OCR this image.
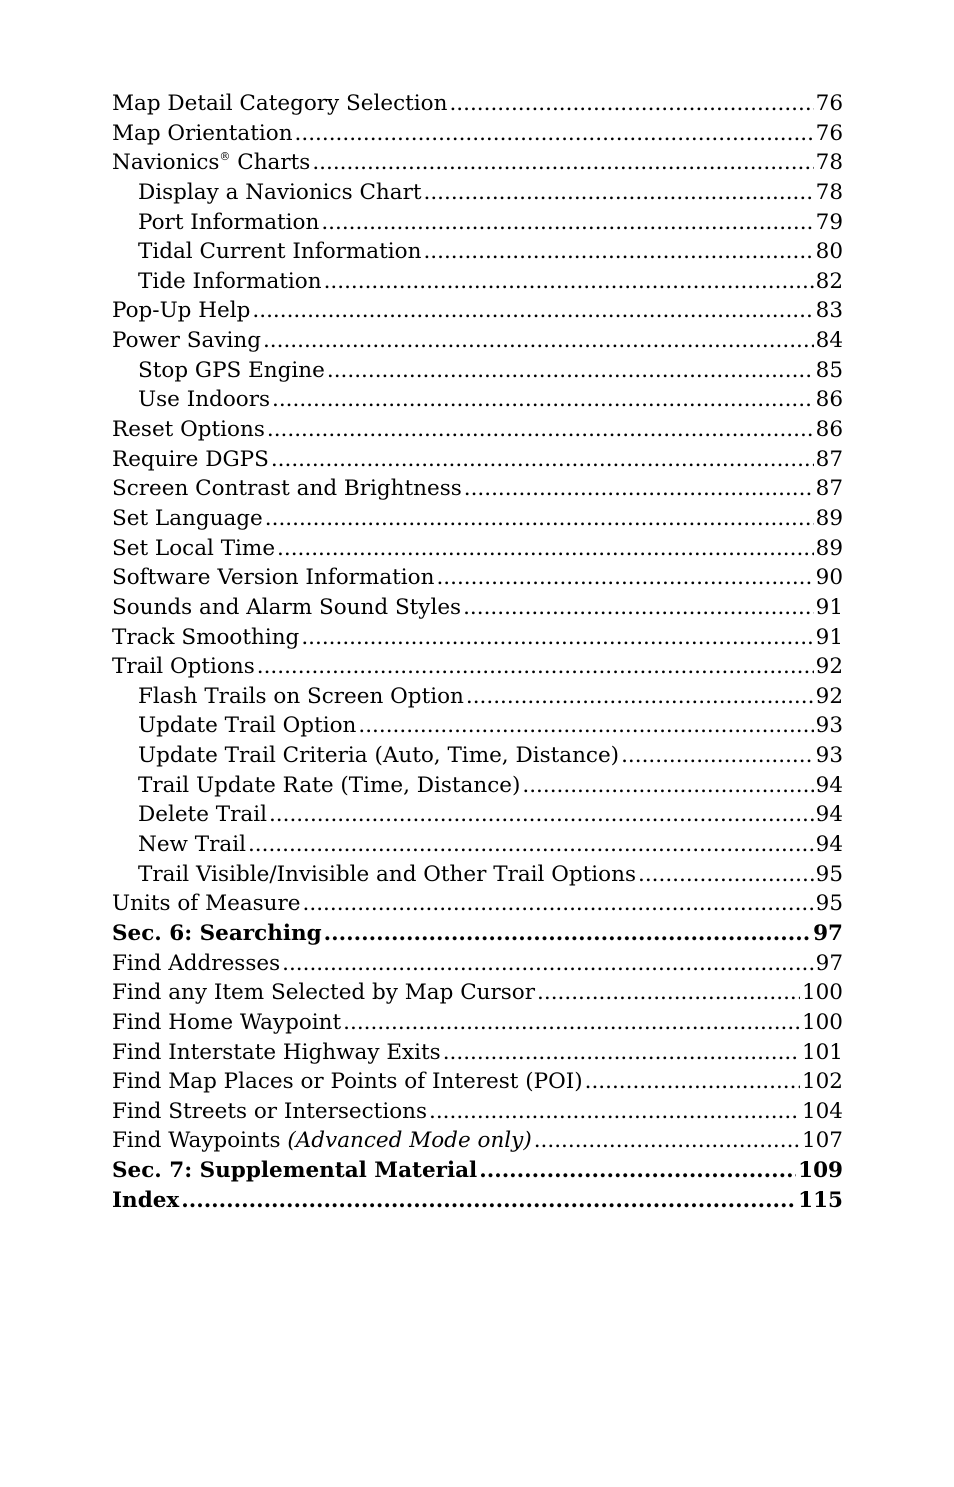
Map Detail Category Selection .....	76
Map Orientation .....	76
Navionics® Charts .....	78
Display a Navionics Chart .....	78
Port Information .....	79
Tidal Current Information .....	80
Tide Information .....	82
Pop-Up Help .....	83
Power Saving .....	84
Stop GPS Engine .....	85
Use Indoors .....	86
Reset Options .....	86
Require DGPS .....	87
Screen Contrast and Brightness .....	87
Set Language .....	89
Set Local Time .....	89
Software Version Information .....	90
Sounds and Alarm Sound Styles .....	91
Track Smoothing .....	91
Trail Options .....	92
Flash Trails on Screen Option .....	92
Update Trail Option .....	93
Update Trail Criteria (Auto, Time, Distance) .....	93
Trail Update Rate (Time, Distance) .....	94
Delete Trail .....	94
New Trail .....	94
Trail Visible/Invisible and Other Trail Options .....	95
Units of Measure .....	95
Sec. 6: Searching .....	97
Find Addresses .....	97
Find any Item Selected by Map Cursor .....	100
Find Home Waypoint .....	100
Find Interstate Highway Exits .....	101
Find Map Places or Points of Interest (POI) .....	102
Find Streets or Intersections .....	104
Find Waypoints (Advanced Mode only) .....	107
Sec. 7: Supplemental Material .....	109
Index .....	115
